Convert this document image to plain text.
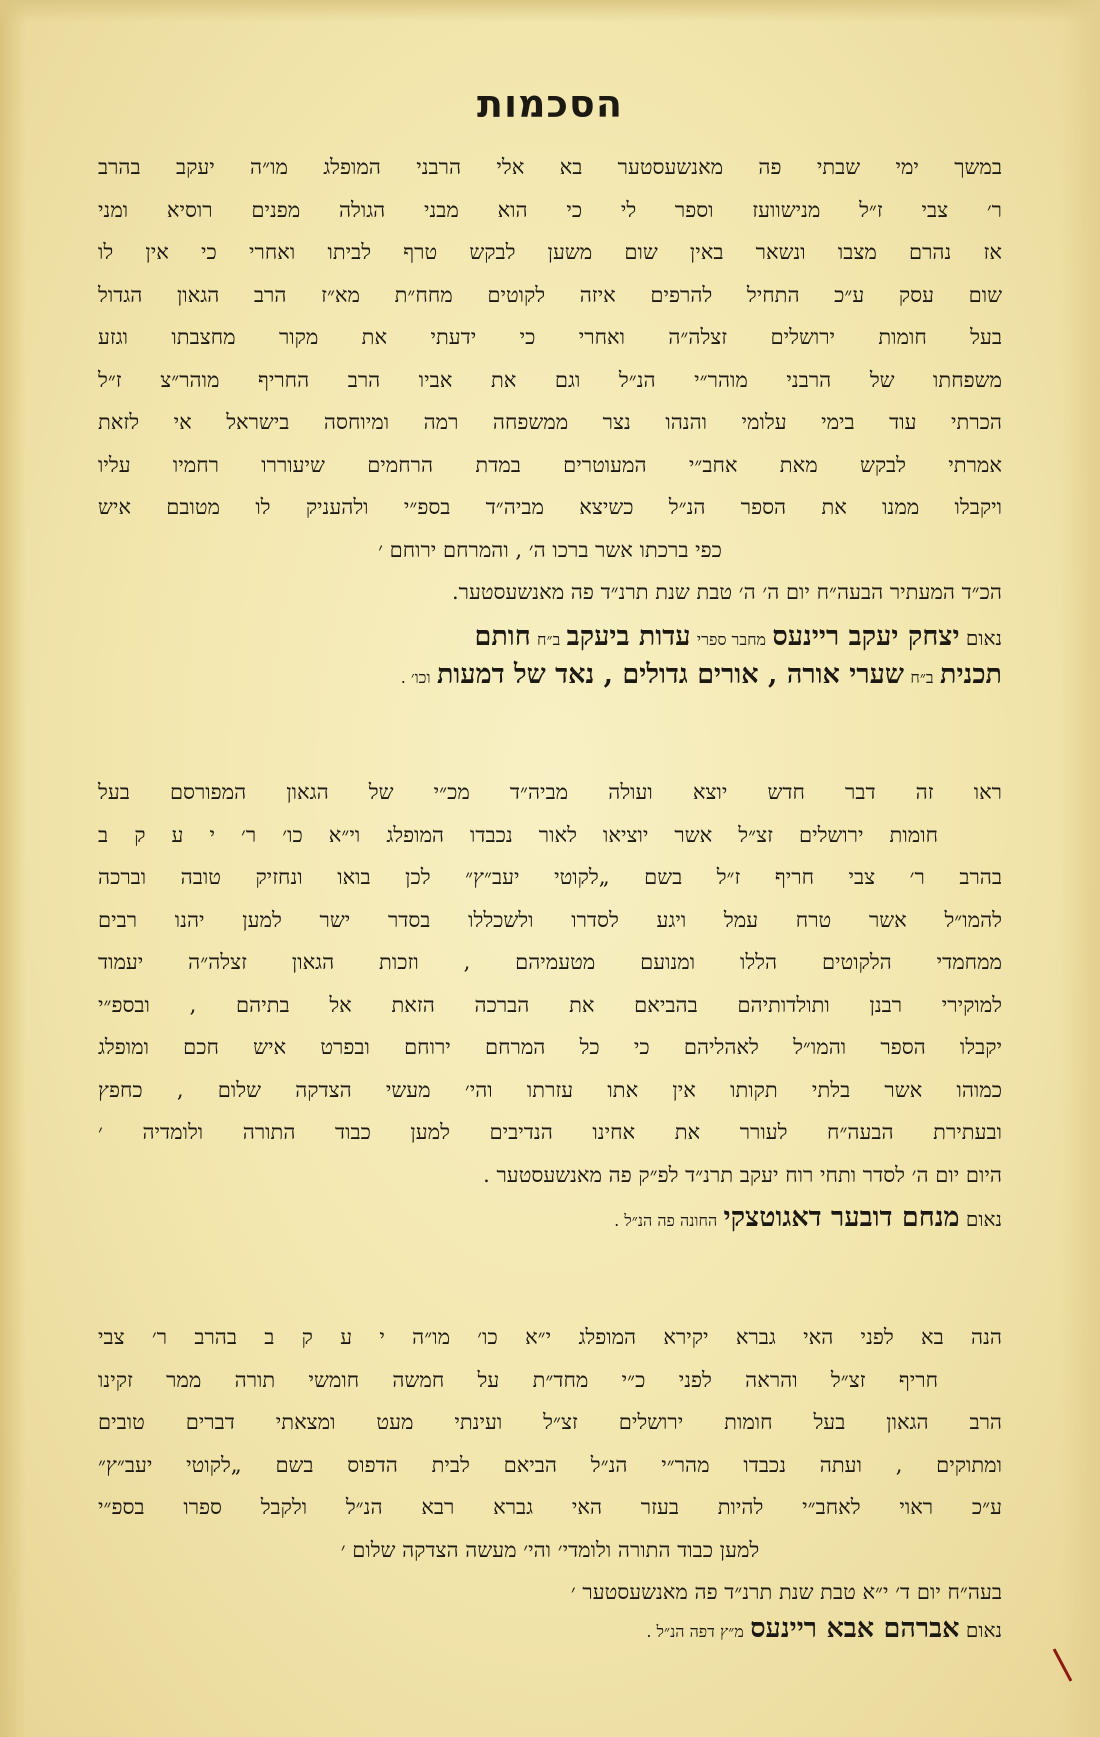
הסכמות
במשך ימי שבתי פה מאנשעסטער בא אלי הרבני המופלג מו״ה יעקב בהרב
ר׳ צבי ז״ל מנישוועז וספר לי כי הוא מבני הגולה מפנים רוסיא ומני
אז נהרם מצבו ונשאר באין שום משען לבקש טרף לביתו ואחרי כי אין לו
שום עסק ע״כ התחיל להרפים איזה לקוטים מחח״ת מא״ז הרב הגאון הגדול
בעל חומות ירושלים זצלה״ה ואחרי כי ידעתי את מקור מחצבתו וגזע
משפחתו של הרבני מוהר״י הנ״ל וגם את אביו הרב החריף מוהר״צ ז״ל
הכרתי עוד בימי עלומי והנהו נצר ממשפחה רמה ומיוחסה בישראל אי לזאת
אמרתי לבקש מאת אחב״י המעוטרים במדת הרחמים שיעוררו רחמיו עליו
ויקבלו ממנו את הספר הנ״ל כשיצא מביה״ד בספ״י ולהעניק לו מטובם איש
כפי ברכתו אשר ברכו ה׳ , והמרחם ירוחם ׳
הכ״ד המעתיר הבעה״ח יום ה׳ ה׳ טבת שנת תרנ״ד פה מאנשעסטער.
נאום יצחק יעקב ריינעס מחבר ספרי עדות ביעקב ב״ח חותם
תכנית ב״ח שערי אורה , אורים גדולים , נאד של דמעות וכו׳ .
ראו זה דבר חדש יוצא ועולה מביה״ד מכ״י של הגאון המפורסם בעל
חומות ירושלים זצ״ל אשר יוציאו לאור נכבדו המופלג וי״א כו׳ ר׳ י ע ק ב
בהרב ר׳ צבי חריף ז״ל בשם „לקוטי יעב״ץ״ לכן בואו ונחזיק טובה וברכה
להמו״ל אשר טרח עמל ויגע לסדרו ולשכללו בסדר ישר למען יהנו רבים
ממחמדי הלקוטים הללו ומנועם מטעמיהם , וזכות הגאון זצלה״ה יעמוד
למוקירי רבנן ותולדותיהם בהביאם את הברכה הזאת אל בתיהם , ובספ״י
יקבלו הספר והמו״ל לאהליהם כי כל המרחם ירוחם ובפרט איש חכם ומופלג
כמוהו אשר בלתי תקותו אין אתו עזרתו והי׳ מעשי הצדקה שלום , כחפץ
ובעתירת הבעה״ח לעורר את אחינו הנדיבים למען כבוד התורה ולומדיה ׳
היום יום ה׳ לסדר ותחי רוח יעקב תרנ״ד לפ״ק פה מאנשעסטער .
נאום מנחם דובער דאגוטצקי החונה פה הנ״ל .
הנה בא לפני האי גברא יקירא המופלג י״א כו׳ מו״ה י ע ק ב בהרב ר׳ צבי
חריף זצ״ל והראה לפני כ״י מחד״ת על חמשה חומשי תורה ממר זקינו
הרב הגאון בעל חומות ירושלים זצ״ל ועינתי מעט ומצאתי דברים טובים
ומתוקים , ועתה נכבדו מהר״י הנ״ל הביאם לבית הדפוס בשם „לקוטי יעב״ץ״
ע״כ ראוי לאחב״י להיות בעזר האי גברא רבא הנ״ל ולקבל ספרו בספ״י
למען כבוד התורה ולומדי׳ והי׳ מעשה הצדקה שלום ׳
בעה״ח יום ד׳ י״א טבת שנת תרנ״ד פה מאנשעסטער ׳
נאום אברהם אבא ריינעס מ״ץ דפה הנ״ל .
